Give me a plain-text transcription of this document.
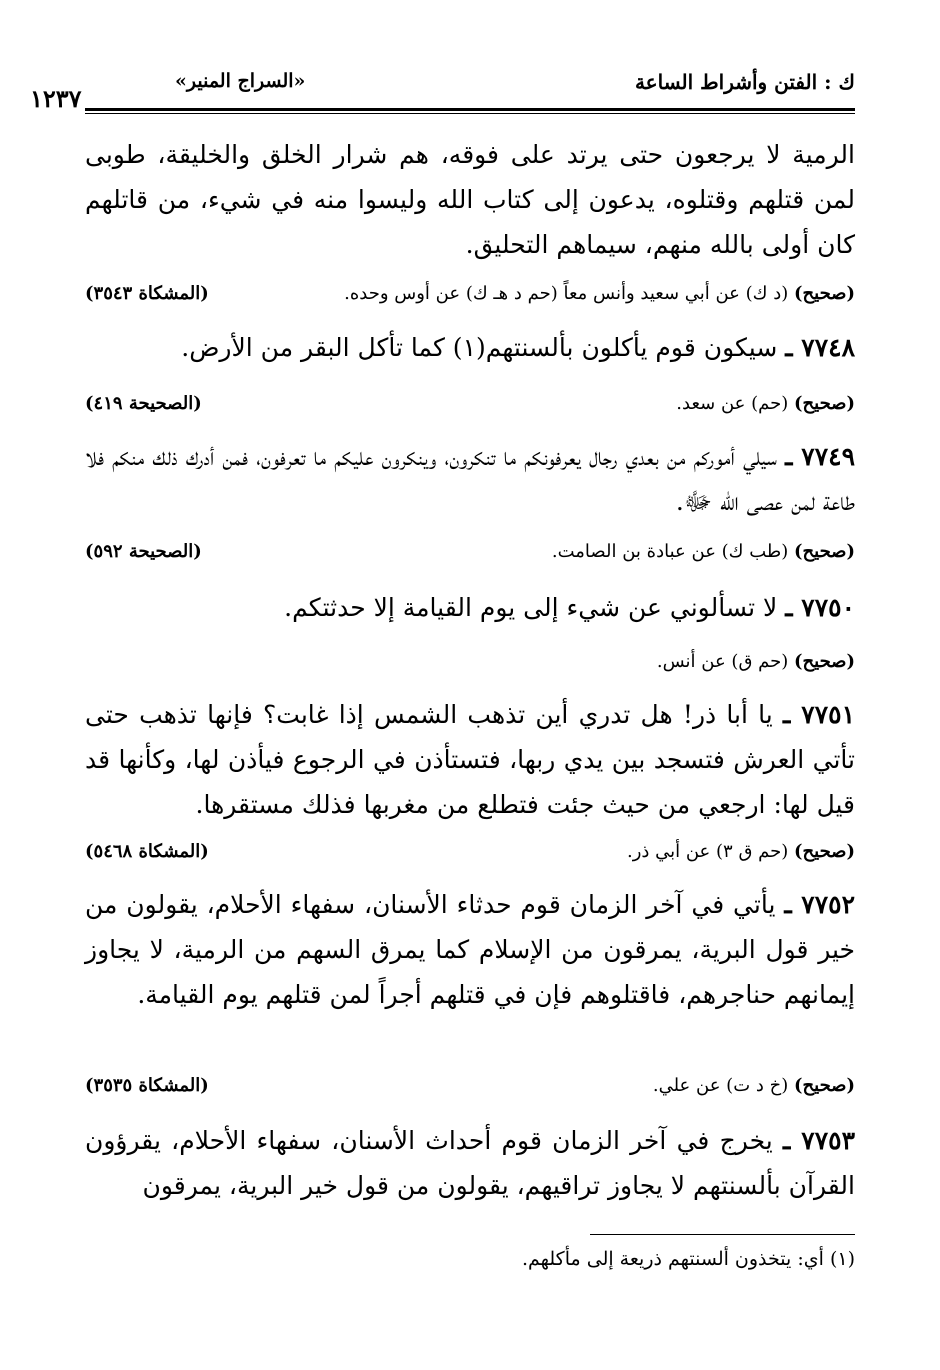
ك : الفتن وأشراط الساعة
«السراج المنير»
١٢٣٧
الرمية لا يرجعون حتى يرتد على فوقه، هم شرار الخلق والخليقة، طوبى لمن قتلهم وقتلوه، يدعون إلى كتاب الله وليسوا منه في شيء، من قاتلهم كان أولى بالله منهم، سيماهم التحليق.
(صحيح) (د ك) عن أبي سعيد وأنس معاً (حم د هـ ك) عن أوس وحده.
(المشكاة ٣٥٤٣)
٧٧٤٨ ـ سيكون قوم يأكلون بألسنتهم(١) كما تأكل البقر من الأرض.
(صحيح) (حم) عن سعد.
(الصحيحة ٤١٩)
٧٧٤٩ ـ سيلي أموركم من بعدي رجال يعرفونكم ما تنكرون، وينكرون عليكم ما تعرفون، فمن أدرك ذلك منكم فلا طاعة لمن عصى الله ﷻ.
(صحيح) (طب ك) عن عبادة بن الصامت.
(الصحيحة ٥٩٢)
٧٧٥٠ ـ لا تسألوني عن شيء إلى يوم القيامة إلا حدثتكم.
(صحيح) (حم ق) عن أنس.
٧٧٥١ ـ يا أبا ذر! هل تدري أين تذهب الشمس إذا غابت؟ فإنها تذهب حتى تأتي العرش فتسجد بين يدي ربها، فتستأذن في الرجوع فيأذن لها، وكأنها قد قيل لها: ارجعي من حيث جئت فتطلع من مغربها فذلك مستقرها.
(صحيح) (حم ق ٣) عن أبي ذر.
(المشكاة ٥٤٦٨)
٧٧٥٢ ـ يأتي في آخر الزمان قوم حدثاء الأسنان، سفهاء الأحلام، يقولون من خير قول البرية، يمرقون من الإسلام كما يمرق السهم من الرمية، لا يجاوز إيمانهم حناجرهم، فاقتلوهم فإن في قتلهم أجراً لمن قتلهم يوم القيامة.
(صحيح) (خ د ت) عن علي.
(المشكاة ٣٥٣٥)
٧٧٥٣ ـ يخرج في آخر الزمان قوم أحداث الأسنان، سفهاء الأحلام، يقرؤون القرآن بألسنتهم لا يجاوز تراقيهم، يقولون من قول خير البرية، يمرقون
(١) أي: يتخذون ألسنتهم ذريعة إلى مأكلهم.
